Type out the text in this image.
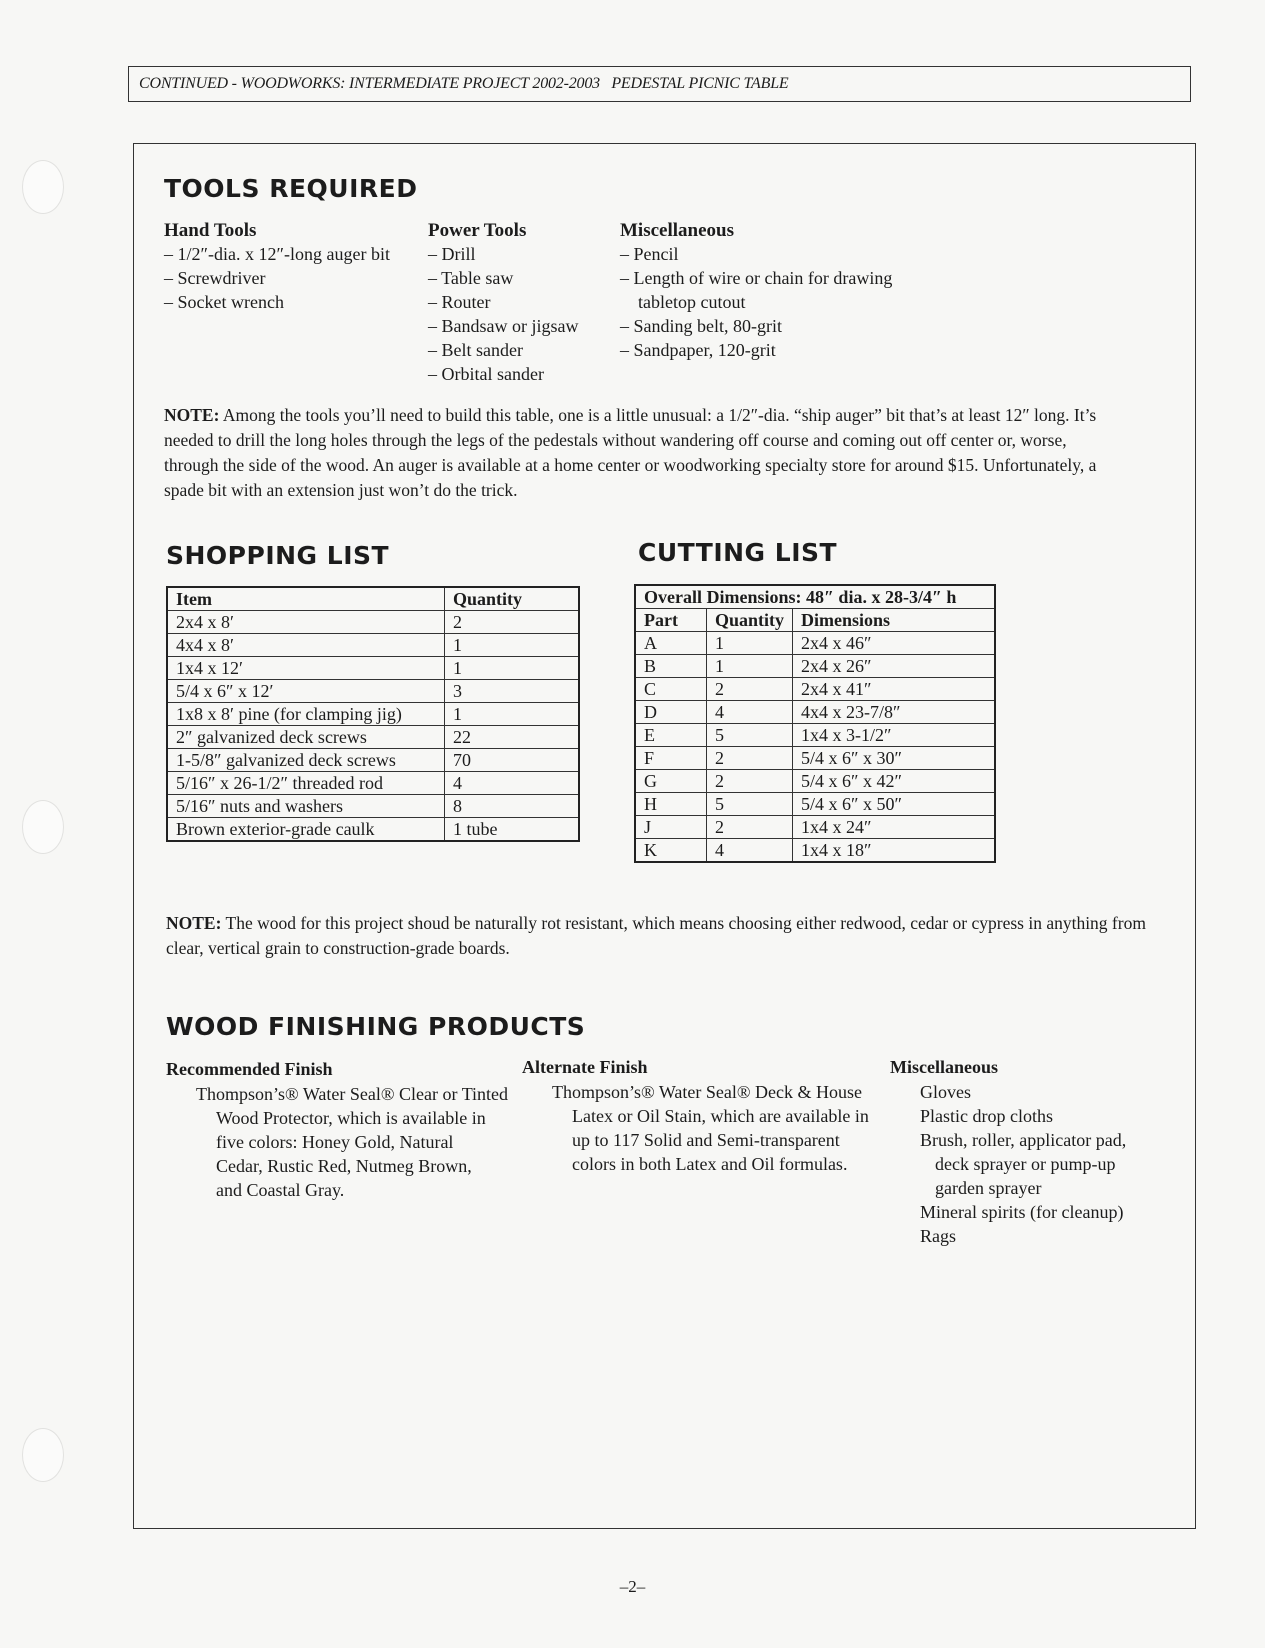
CONTINUED - WOODWORKS: INTERMEDIATE PROJECT 2002-2003   PEDESTAL PICNIC TABLE
TOOLS REQUIRED
Hand Tools
– 1/2″-dia. x 12″-long auger bit
– Screwdriver
– Socket wrench
Power Tools
– Drill
– Table saw
– Router
– Bandsaw or jigsaw
– Belt sander
– Orbital sander
Miscellaneous
– Pencil
– Length of wire or chain for drawing
tabletop cutout
– Sanding belt, 80-grit
– Sandpaper, 120-grit
NOTE: Among the tools you’ll need to build this table, one is a little unusual: a 1/2″-dia. “ship auger” bit that’s at least 12″ long. It’s needed to drill the long holes through the legs of the pedestals without wandering off course and coming out off center or, worse, through the side of the wood. An auger is available at a home center or woodworking specialty store for around $15. Unfortunately, a spade bit with an extension just won’t do the trick.
SHOPPING LIST
Item	Quantity
2x4 x 8′	2
4x4 x 8′	1
1x4 x 12′	1
5/4 x 6″ x 12′	3
1x8 x 8′ pine (for clamping jig)	1
2″ galvanized deck screws	22
1-5/8″ galvanized deck screws	70
5/16″ x 26-1/2″ threaded rod	4
5/16″ nuts and washers	8
Brown exterior-grade caulk	1 tube
CUTTING LIST
Overall Dimensions: 48″ dia. x 28-3/4″ h		
Part	Quantity	Dimensions
A	1	2x4 x 46″
B	1	2x4 x 26″
C	2	2x4 x 41″
D	4	4x4 x 23-7/8″
E	5	1x4 x 3-1/2″
F	2	5/4 x 6″ x 30″
G	2	5/4 x 6″ x 42″
H	5	5/4 x 6″ x 50″
J	2	1x4 x 24″
K	4	1x4 x 18″
NOTE: The wood for this project shoud be naturally rot resistant, which means choosing either redwood, cedar or cypress in anything from clear, vertical grain to construction-grade boards.
WOOD FINISHING PRODUCTS
Recommended Finish
Thompson’s® Water Seal® Clear or Tinted
Wood Protector, which is available in five colors: Honey Gold, Natural Cedar, Rustic Red, Nutmeg Brown, and Coastal Gray.
Alternate Finish
Thompson’s® Water Seal® Deck & House
Latex or Oil Stain, which are available in up to 117 Solid and Semi-transparent colors in both Latex and Oil formulas.
Miscellaneous
Gloves
Plastic drop cloths
Brush, roller, applicator pad,
deck sprayer or pump-up
garden sprayer
Mineral spirits (for cleanup)
Rags
–2–
